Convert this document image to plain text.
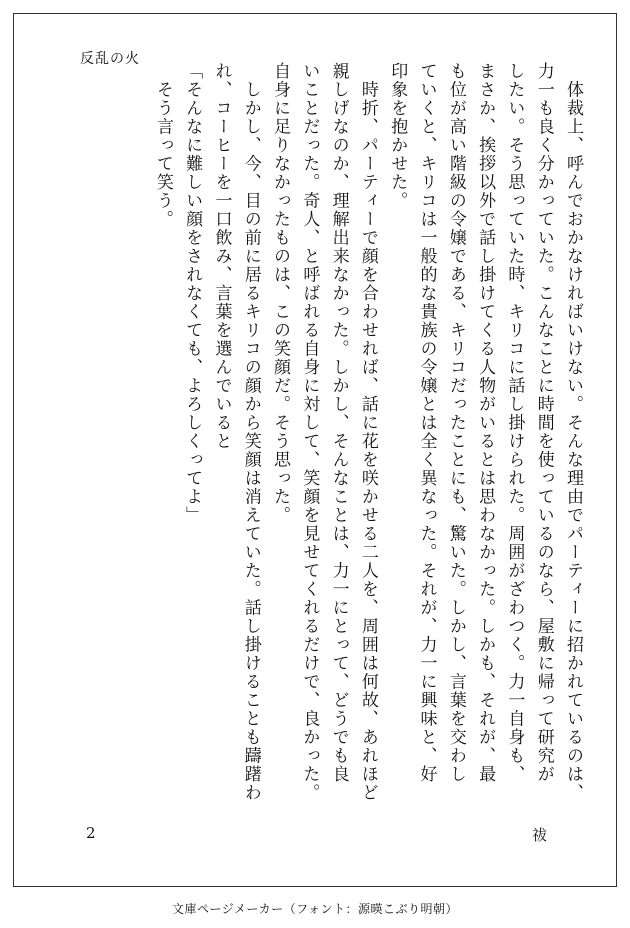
反乱の火
　体裁上、呼んでおかなければいけない。そんな理由でパーティーに招かれているのは、
力一も良く分かっていた。こんなことに時間を使っているのなら、屋敷に帰って研究が
したい。そう思っていた時、キリコに話し掛けられた。周囲がざわつく。力一自身も、
まさか、挨拶以外で話し掛けてくる人物がいるとは思わなかった。しかも、それが、最
も位が高い階級の令嬢である、キリコだったことにも、驚いた。しかし、言葉を交わし
ていくと、キリコは一般的な貴族の令嬢とは全く異なった。それが、力一に興味と、好
印象を抱かせた。
　時折、パーティーで顔を合わせれば、話に花を咲かせる二人を、周囲は何故、あれほど
親しげなのか、理解出来なかった。しかし、そんなことは、力一にとって、どうでも良
いことだった。奇人、と呼ばれる自身に対して、笑顔を見せてくれるだけで、良かった。
自身に足りなかったものは、この笑顔だ。そう思った。
　しかし、今、目の前に居るキリコの顔から笑顔は消えていた。話し掛けることも躊躇わ
れ、コーヒーを一口飲み、言葉を選んでいると
「そんなに難しい顔をされなくても、よろしくってよ」
　そう言って笑う。
2	祓
文庫ページメーカー（フォント：源暎こぶり明朝）
